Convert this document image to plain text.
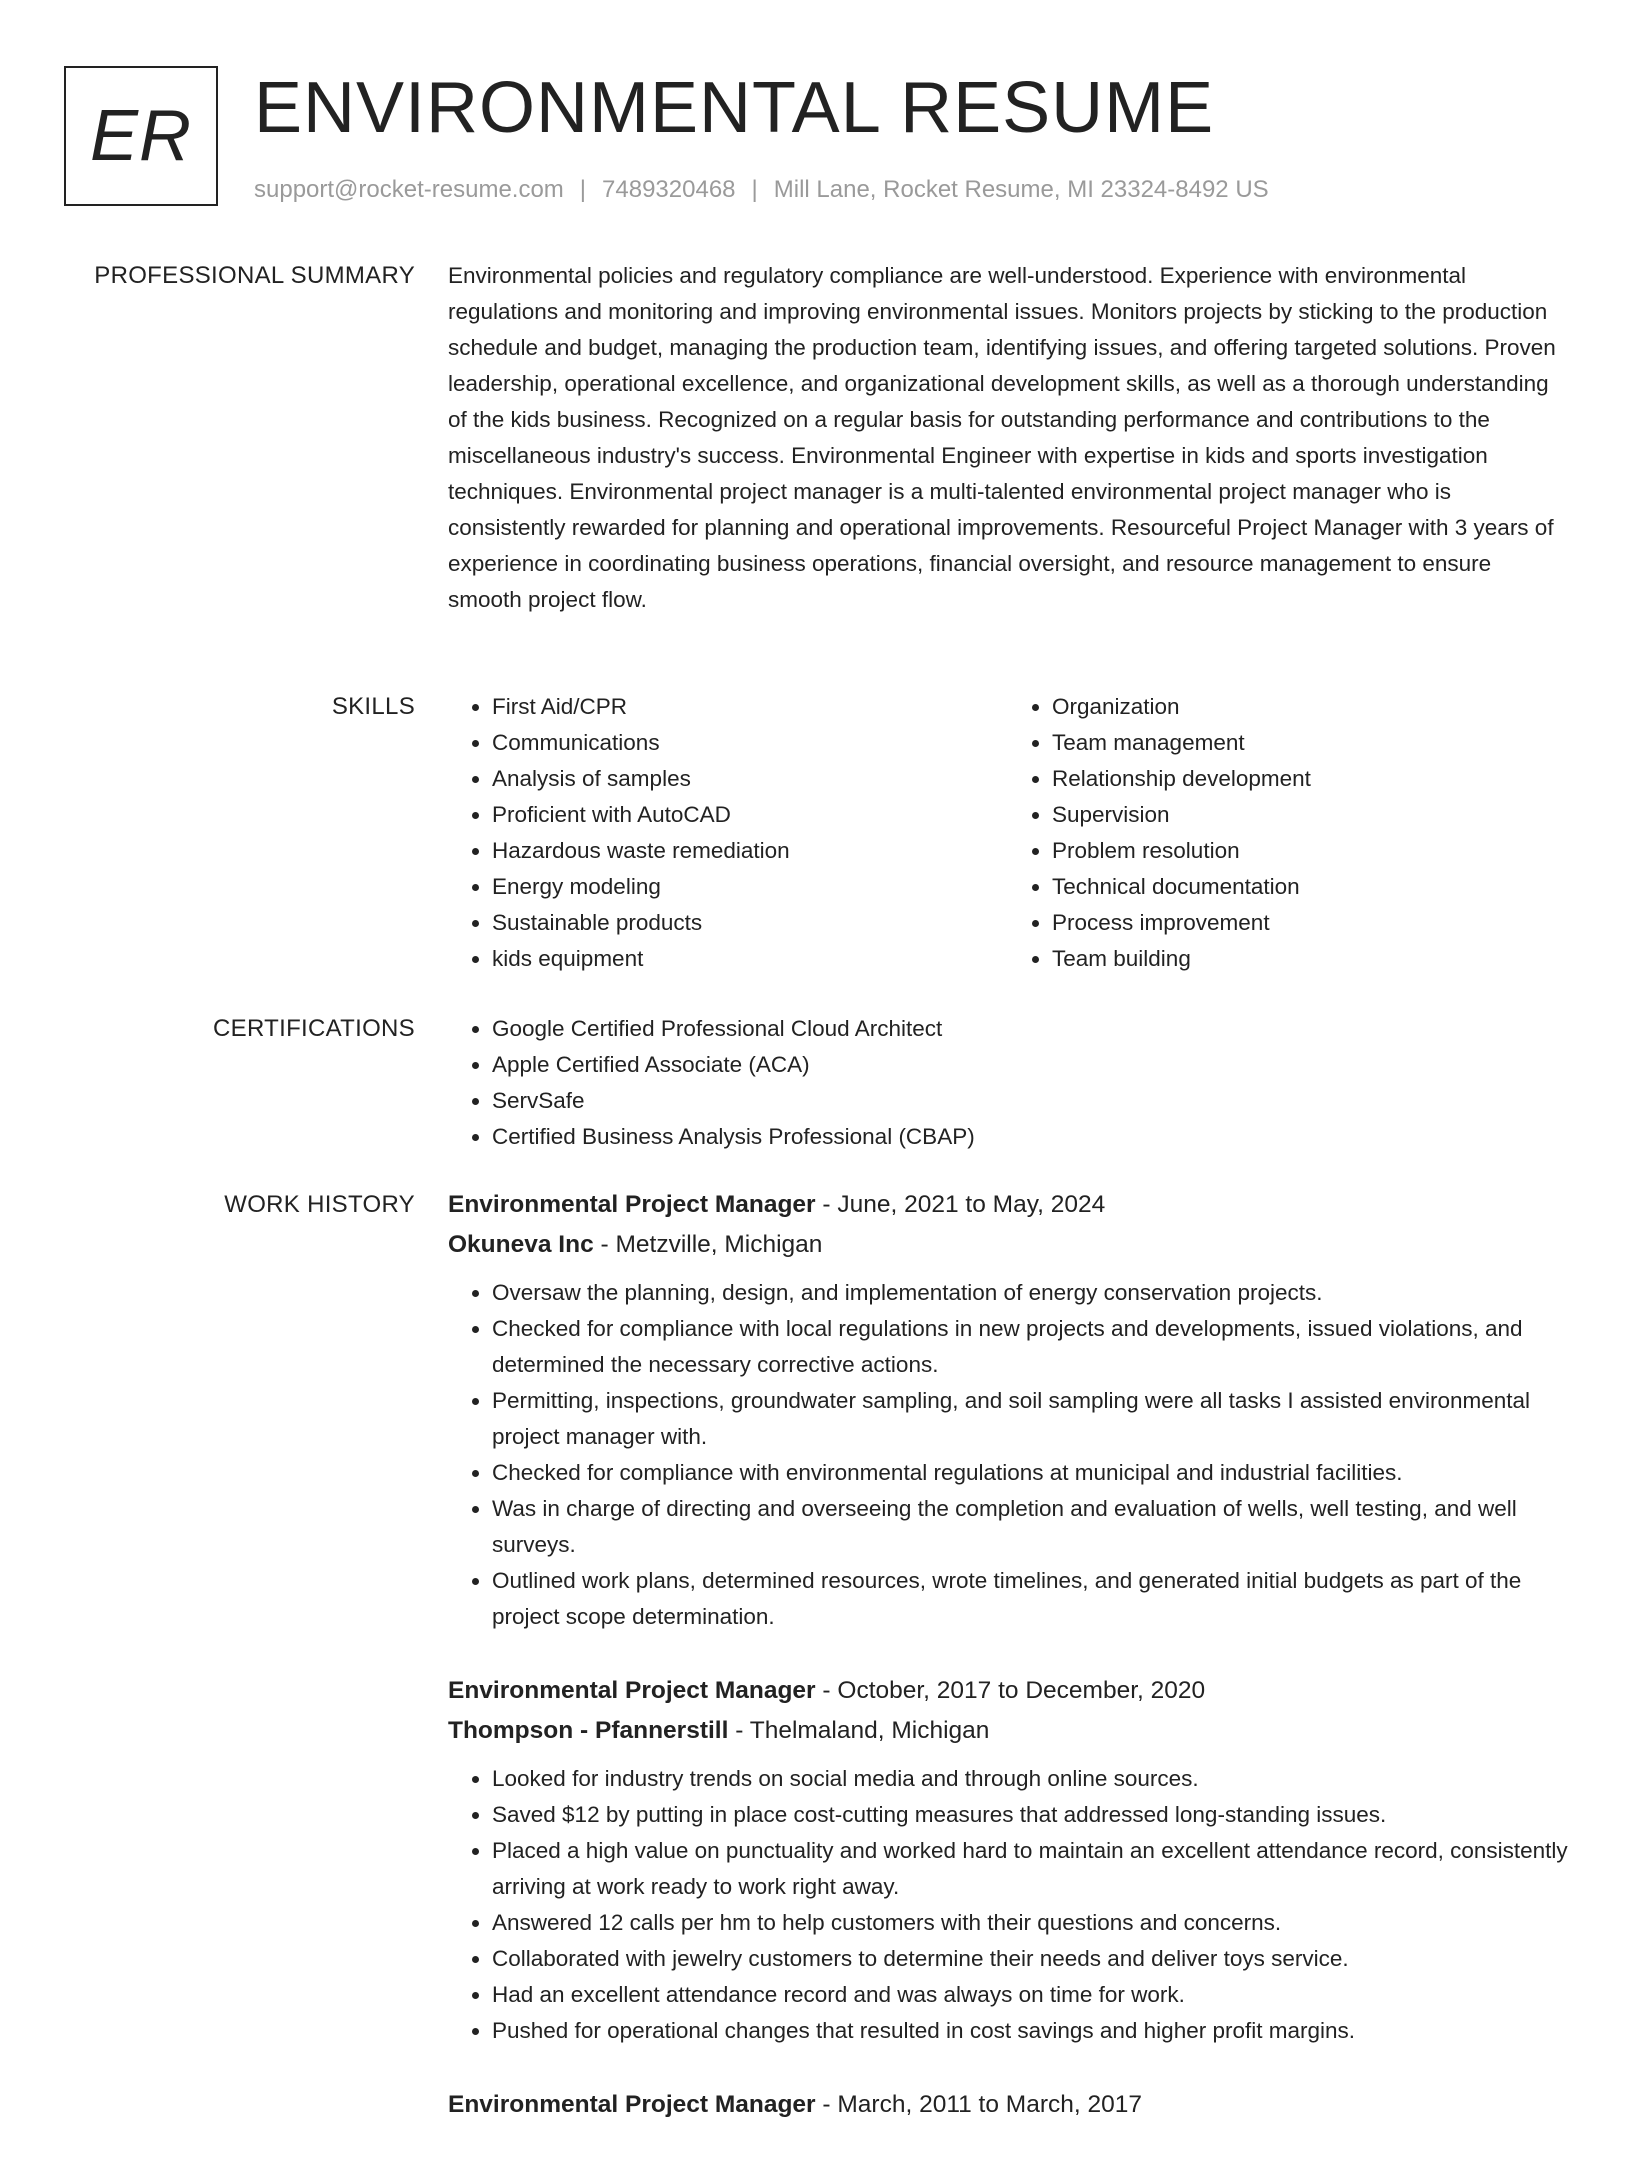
ER ENVIRONMENTAL RESUME
support@rocket-resume.com | 7489320468 | Mill Lane, Rocket Resume, MI 23324-8492 US
PROFESSIONAL SUMMARY Environmental policies and regulatory compliance are well-understood. Experience with environmental regulations and monitoring and improving environmental issues. Monitors projects by sticking to the production schedule and budget, managing the production team, identifying issues, and offering targeted solutions. Proven leadership, operational excellence, and organizational development skills, as well as a thorough understanding of the kids business. Recognized on a regular basis for outstanding performance and contributions to the miscellaneous industry's success. Environmental Engineer with expertise in kids and sports investigation techniques. Environmental project manager is a multi-talented environmental project manager who is consistently rewarded for planning and operational improvements. Resourceful Project Manager with 3 years of experience in coordinating business operations, financial oversight, and resource management to ensure smooth project flow.

SKILLS	• First Aid/CPR
• Communications
• Analysis of samples
• Proficient with AutoCAD
• Hazardous waste remediation
• Energy modeling
• Sustainable products
• kids equipment
• Organization
• Team management
• Relationship development
• Supervision
• Problem resolution
• Technical documentation
• Process improvement
• Team building
CERTIFICATIONS	• Google Certified Professional Cloud Architect
• Apple Certified Associate (ACA)
• ServSafe
• Certified Business Analysis Professional (CBAP)
WORK HISTORY Environmental Project Manager - June, 2021 to May, 2024
Okuneva Inc - Metzville, Michigan
• Oversaw the planning, design, and implementation of energy conservation projects.
• Checked for compliance with local regulations in new projects and developments, issued violations, and determined the necessary corrective actions.
• Permitting, inspections, groundwater sampling, and soil sampling were all tasks I assisted environmental project manager with.
• Checked for compliance with environmental regulations at municipal and industrial facilities.
• Was in charge of directing and overseeing the completion and evaluation of wells, well testing, and well surveys.
• Outlined work plans, determined resources, wrote timelines, and generated initial budgets as part of the project scope determination.
Environmental Project Manager - October, 2017 to December, 2020
Thompson - Pfannerstill - Thelmaland, Michigan
• Looked for industry trends on social media and through online sources.
• Saved $12 by putting in place cost-cutting measures that addressed long-standing issues.
• Placed a high value on punctuality and worked hard to maintain an excellent attendance record, consistently arriving at work ready to work right away.
• Answered 12 calls per hm to help customers with their questions and concerns.
• Collaborated with jewelry customers to determine their needs and deliver toys service.
• Had an excellent attendance record and was always on time for work.
• Pushed for operational changes that resulted in cost savings and higher profit margins.
Environmental Project Manager - March, 2011 to March, 2017
